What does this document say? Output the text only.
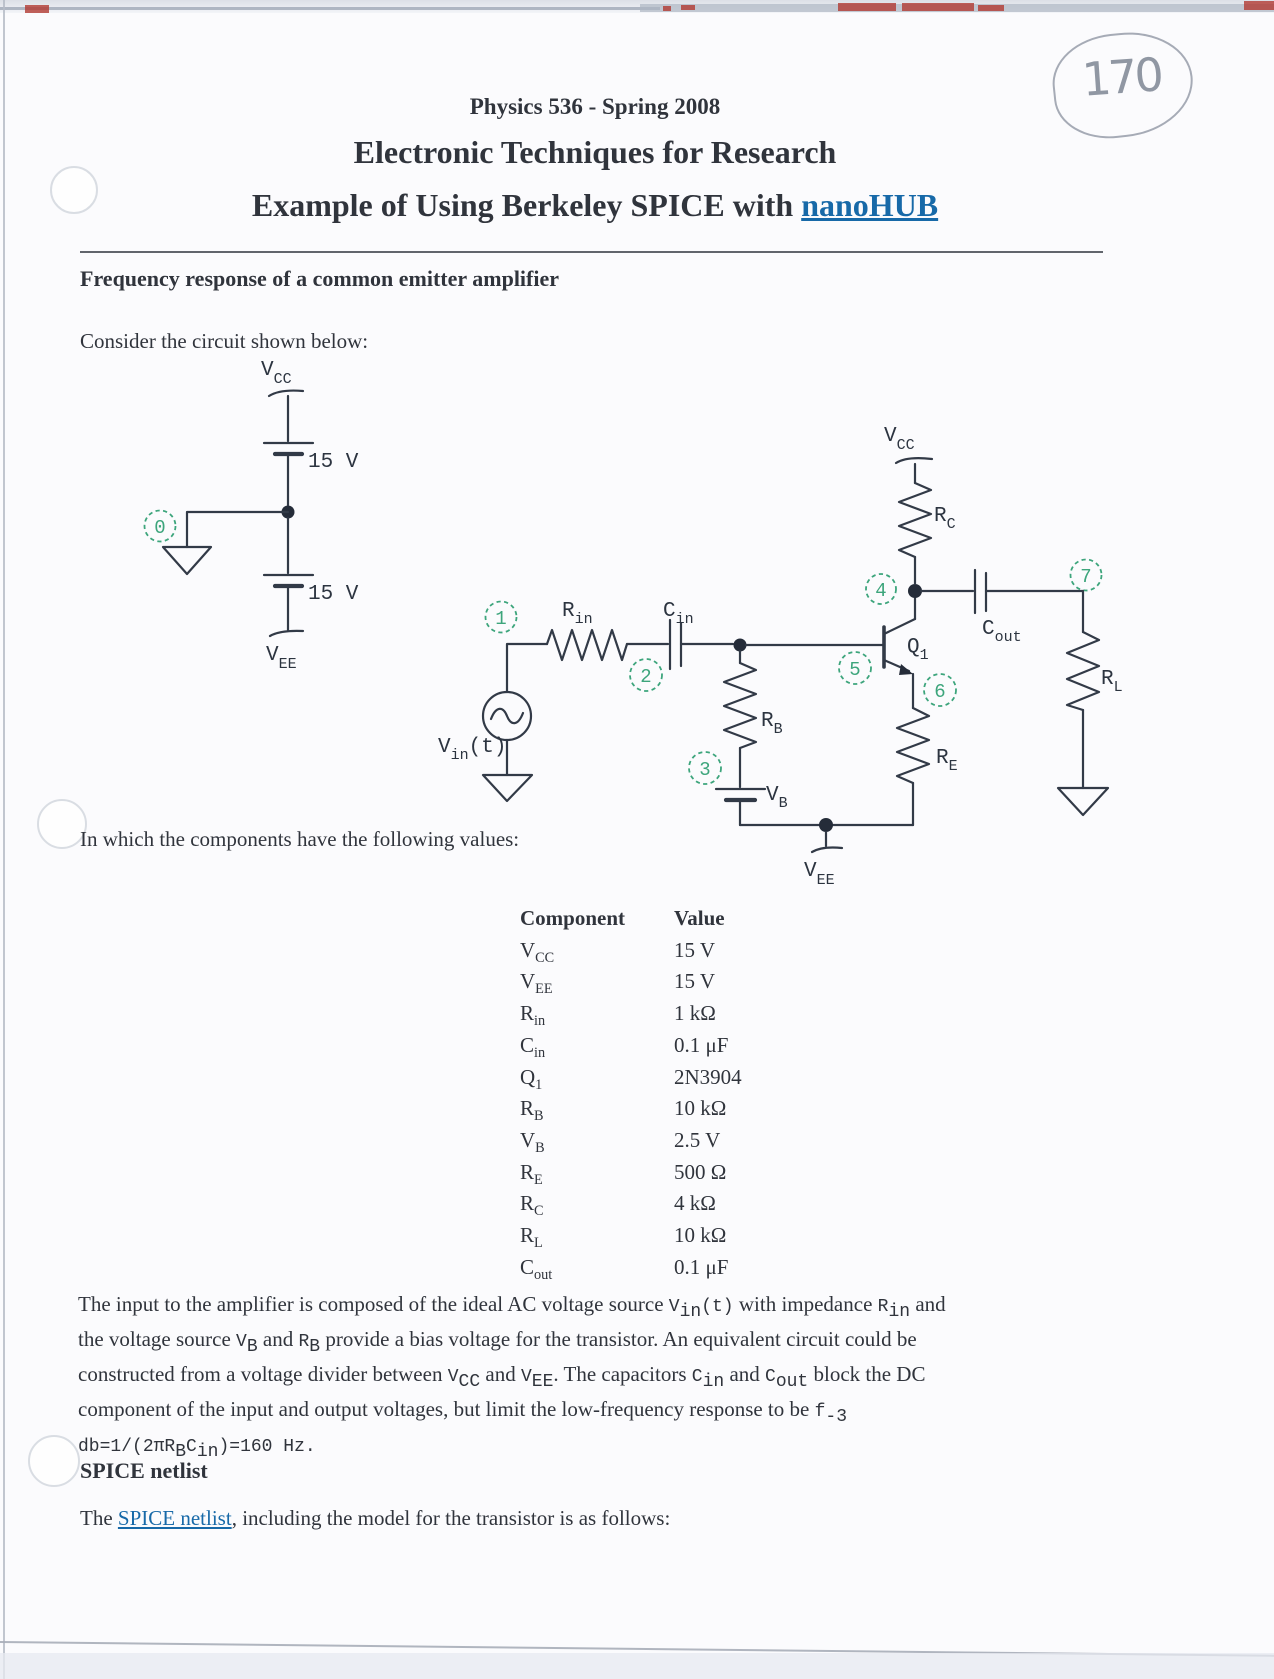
170
Physics 536 - Spring 2008
Electronic Techniques for Research
Example of Using Berkeley SPICE with nanoHUB
Frequency response of a common emitter amplifier
Consider the circuit shown below:
$V_{CC}$
15 V
0
15 V
$V_{EE}$
1
$V_{in}(t)$
$R_{in}$	$C_{in}$
2
$R_B$
3
$V_B$
$V_{EE}$
$R_E$
$Q_1$
4
5
6
$V_{CC}$
$R_C$
$C_{out}$
7
$R_L$
In which the components have the following values:
Component Value
$V_{CC}$	15 V
$V_{EE}$	15 V
$R_{in}$	1 kΩ
$C_{in}$	0.1 μF
$Q_1$	2N3904
$R_B$	10 kΩ
$V_B$	2.5 V
$R_E$	500 Ω
$R_C$	4 kΩ
$R_L$	10 kΩ
$C_{out}$	0.1 μF
The input to the amplifier is composed of the ideal AC voltage source $V_{in}(t)$ with impedance $R_{in}$ and
the voltage source $V_B$ and $R_B$ provide a bias voltage for the transistor. An equivalent circuit could be
constructed from a voltage divider between $V_{CC}$ and $V_{EE}$. The capacitors $C_{in}$ and $C_{out}$ block the DC
component of the input and output voltages, but limit the low-frequency response to be $f_{-3}$
$db=1/(2\pi R_BC_{in})=160$ Hz.
SPICE netlist
The SPICE netlist, including the model for the transistor is as follows:
